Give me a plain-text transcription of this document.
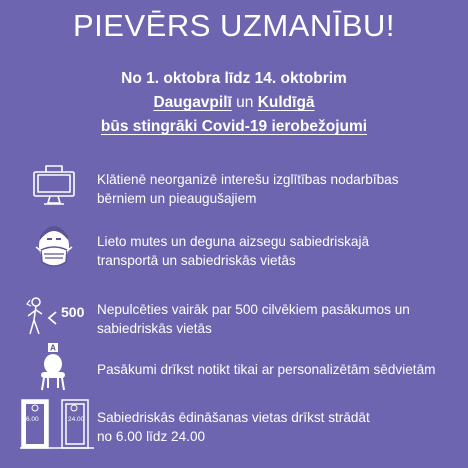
PIEVĒRS UZMANĪBU!
No 1. oktobra līdz 14. oktobrim
Daugavpilī un Kuldīgā
būs stingrāki Covid-19 ierobežojumi
Klātienē neorganizē interešu izglītības nodarbības
bērniem un pieaugušajiem
Lieto mutes un deguna aizsegu sabiedriskajā
transportā un sabiedriskās vietās
500 Nepulcēties vairāk par 500 cilvēkiem pasākumos un
sabiedriskās vietās
A
Pasākumi drīkst notikt tikai ar personalizētām sēdvietām
6.00	24.00 Sabiedriskās ēdināšanas vietas drīkst strādāt
no 6.00 līdz 24.00
